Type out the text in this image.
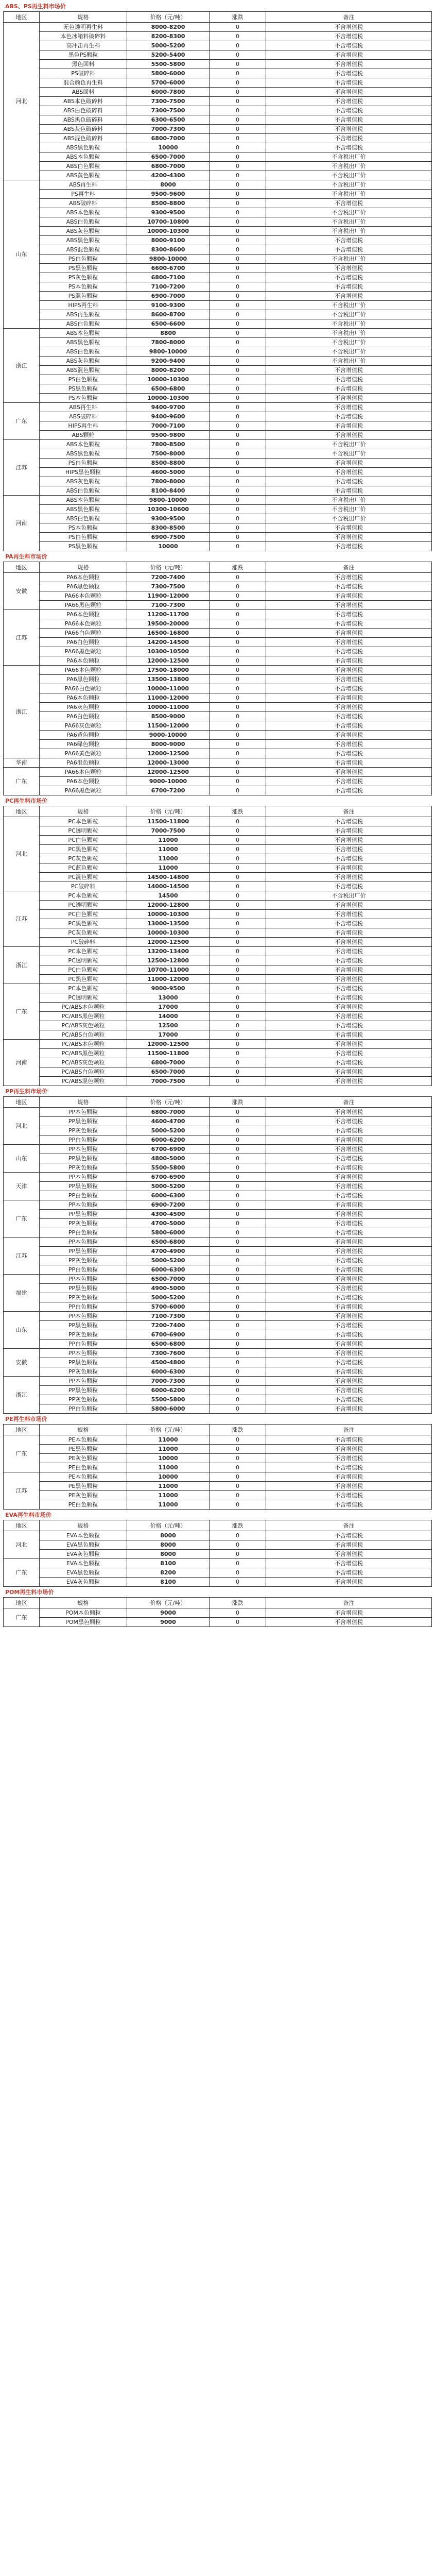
ABS、PS再生料市场价
地区	规格	价格（元/吨）	涨跌	备注
河北	无色透明再生料	8000-8200	0	不含增值税
	本色冰箱料破碎料	8200-8300	0	不含增值税
	高冲击再生料	5000-5200	0	不含增值税
	黑色PS颗粒	5200-5400	0	不含增值税
	黑色回料	5500-5800	0	不含增值税
	PS破碎料	5800-6000	0	不含增值税
	混合颜色再生料	5700-6000	0	不含增值税
	ABS回料	6000-7800	0	不含增值税
	ABS本色破碎料	7300-7500	0	不含增值税
	ABS白色破碎料	7300-7500	0	不含增值税
	ABS黑色破碎料	6300-6500	0	不含增值税
	ABS灰色破碎料	7000-7300	0	不含增值税
	ABS混色破碎料	6800-7000	0	不含增值税
	ABS黑色颗粒	10000	0	不含增值税
	ABS本色颗粒	6500-7000	0	不含税出厂价
	ABS白色颗粒	6800-7000	0	不含税出厂价
	ABS黄色颗粒	4200-4300	0	不含税出厂价
山东	ABS再生料	8000	0	不含税出厂价
	PS再生料	9500-9600	0	不含税出厂价
	ABS破碎料	8500-8800	0	不含增值税
	ABS本色颗粒	9300-9500	0	不含税出厂价
	ABS白色颗粒	10700-10800	0	不含税出厂价
	ABS灰色颗粒	10000-10300	0	不含税出厂价
	ABS黑色颗粒	8000-9100	0	不含增值税
	ABS混色颗粒	8300-8600	0	不含增值税
	PS白色颗粒	9800-10000	0	不含税出厂价
	PS黑色颗粒	6600-6700	0	不含增值税
	PS灰色颗粒	6800-7100	0	不含增值税
	PS本色颗粒	7100-7200	0	不含增值税
	PS混色颗粒	6900-7000	0	不含增值税
	HIPS再生料	9100-9300	0	不含税出厂价
	ABS再生颗粒	8600-8700	0	不含税出厂价
	ABS白色颗粒	6500-6600	0	不含税出厂价
浙江	ABS本色颗粒	8800	0	不含税出厂价
	ABS黑色颗粒	7800-8000	0	不含税出厂价
	ABS白色颗粒	9800-10000	0	不含税出厂价
	ABS灰色颗粒	9200-9400	0	不含税出厂价
	ABS混色颗粒	8000-8200	0	不含增值税
	PS白色颗粒	10000-10300	0	不含增值税
	PS黑色颗粒	6500-6800	0	不含增值税
	PS本色颗粒	10000-10300	0	不含增值税
广东	ABS再生料	9400-9700	0	不含增值税
	ABS破碎料	9400-9600	0	不含增值税
	HIPS再生料	7000-7100	0	不含增值税
	ABS颗粒	9500-9800	0	不含增值税
江苏	ABS本色颗粒	7800-8500	0	不含税出厂价
	ABS黑色颗粒	7500-8000	0	不含税出厂价
	PS白色颗粒	8500-8800	0	不含增值税
	HIPS黑色颗粒	4600-5000	0	不含增值税
	ABS灰色颗粒	7800-8000	0	不含增值税
	ABS白色颗粒	8100-8400	0	不含增值税
河南	ABS本色颗粒	9800-10000	0	不含税出厂价
	ABS黑色颗粒	10300-10600	0	不含税出厂价
	ABS白色颗粒	9300-9500	0	不含税出厂价
	PS本色颗粒	8300-8500	0	不含增值税
	PS白色颗粒	6900-7500	0	不含增值税
	PS黑色颗粒	10000	0	不含增值税
PA再生料市场价
地区	规格	价格（元/吨）	涨跌	备注
安徽	PA6本色颗粒	7200-7400	0	不含增值税
	PA6黑色颗粒	7300-7500	0	不含增值税
	PA66本色颗粒	11900-12000	0	不含增值税
	PA66黑色颗粒	7100-7300	0	不含增值税
江苏	PA6本色颗粒	11200-11700	0	不含增值税
	PA66本色颗粒	19500-20000	0	不含增值税
	PA66白色颗粒	16500-16800	0	不含增值税
	PA6白色颗粒	14200-14500	0	不含增值税
	PA66黑色颗粒	10300-10500	0	不含增值税
	PA6本色颗粒	12000-12500	0	不含增值税
浙江	PA66本色颗粒	17500-18000	0	不含增值税
	PA6黑色颗粒	13500-13800	0	不含增值税
	PA66白色颗粒	10000-11000	0	不含增值税
	PA6本色颗粒	11000-12000	0	不含增值税
	PA6灰色颗粒	10000-11000	0	不含增值税
	PA6白色颗粒	8500-9000	0	不含增值税
	PA66灰色颗粒	11500-12000	0	不含增值税
	PA6黄色颗粒	9000-10000	0	不含增值税
	PA6绿色颗粒	8000-9000	0	不含增值税
	PA66黄色颗粒	12000-12500	0	不含增值税
华南	PA6混色颗粒	12000-13000	0	不含增值税
广东	PA66本色颗粒	12000-12500	0	不含增值税
	PA6本色颗粒	9000-10000	0	不含增值税
	PA66黑色颗粒	6700-7200	0	不含增值税
PC再生料市场价
地区	规格	价格（元/吨）	涨跌	备注
河北	PC本色颗粒	11500-11800	0	不含增值税
	PC透明颗粒	7000-7500	0	不含增值税
	PC白色颗粒	11000	0	不含增值税
	PC黑色颗粒	11000	0	不含增值税
	PC灰色颗粒	11000	0	不含增值税
	PC蓝色颗粒	11000	0	不含增值税
	PC混色颗粒	14500-14800	0	不含增值税
	PC破碎料	14000-14500	0	不含增值税
江苏	PC本色颗粒	14500	0	不含税出厂价
	PC透明颗粒	12000-12800	0	不含增值税
	PC白色颗粒	10000-10300	0	不含增值税
	PC黑色颗粒	13000-13500	0	不含增值税
	PC灰色颗粒	10000-10300	0	不含增值税
	PC破碎料	12000-12500	0	不含增值税
浙江	PC本色颗粒	13200-13400	0	不含增值税
	PC透明颗粒	12500-12800	0	不含增值税
	PC白色颗粒	10700-11000	0	不含增值税
	PC黑色颗粒	11000-12000	0	不含增值税
广东	PC本色颗粒	9000-9500	0	不含增值税
	PC透明颗粒	13000	0	不含增值税
	PC/ABS本色颗粒	17000	0	不含增值税
	PC/ABS黑色颗粒	14000	0	不含增值税
	PC/ABS灰色颗粒	12500	0	不含增值税
	PC/ABS白色颗粒	17000	0	不含增值税
河南	PC/ABS本色颗粒	12000-12500	0	不含增值税
	PC/ABS黑色颗粒	11500-11800	0	不含增值税
	PC/ABS灰色颗粒	6800-7000	0	不含增值税
	PC/ABS白色颗粒	6500-7000	0	不含增值税
	PC/ABS混色颗粒	7000-7500	0	不含增值税
PP再生料市场价
地区	规格	价格（元/吨）	涨跌	备注
河北	PP本色颗粒	6800-7000	0	不含增值税
	PP黑色颗粒	4600-4700	0	不含增值税
	PP灰色颗粒	5000-5200	0	不含增值税
	PP白色颗粒	6000-6200	0	不含增值税
山东	PP本色颗粒	6700-6900	0	不含增值税
	PP黑色颗粒	4800-5000	0	不含增值税
	PP灰色颗粒	5500-5800	0	不含增值税
天津	PP本色颗粒	6700-6900	0	不含增值税
	PP黑色颗粒	5000-5200	0	不含增值税
	PP白色颗粒	6000-6300	0	不含增值税
广东	PP本色颗粒	6900-7200	0	不含增值税
	PP黑色颗粒	4300-4500	0	不含增值税
	PP灰色颗粒	4700-5000	0	不含增值税
	PP白色颗粒	5800-6000	0	不含增值税
江苏	PP本色颗粒	6500-6800	0	不含增值税
	PP黑色颗粒	4700-4900	0	不含增值税
	PP灰色颗粒	5000-5200	0	不含增值税
	PP白色颗粒	6000-6300	0	不含增值税
福建	PP本色颗粒	6500-7000	0	不含增值税
	PP黑色颗粒	4900-5000	0	不含增值税
	PP灰色颗粒	5000-5200	0	不含增值税
	PP白色颗粒	5700-6000	0	不含增值税
山东	PP本色颗粒	7100-7300	0	不含增值税
	PP黑色颗粒	7200-7400	0	不含增值税
	PP灰色颗粒	6700-6900	0	不含增值税
	PP白色颗粒	6500-6800	0	不含增值税
安徽	PP本色颗粒	7300-7600	0	不含增值税
	PP黑色颗粒	4500-4800	0	不含增值税
	PP灰色颗粒	6000-6300	0	不含增值税
浙江	PP本色颗粒	7000-7300	0	不含增值税
	PP黑色颗粒	6000-6200	0	不含增值税
	PP灰色颗粒	5500-5800	0	不含增值税
	PP白色颗粒	5800-6000	0	不含增值税
PE再生料市场价
地区	规格	价格（元/吨）	涨跌	备注
广东	PE本色颗粒	11000	0	不含增值税
	PE黑色颗粒	11000	0	不含增值税
	PE灰色颗粒	10000	0	不含增值税
	PE白色颗粒	11000	0	不含增值税
江苏	PE本色颗粒	10000	0	不含增值税
	PE黑色颗粒	11000	0	不含增值税
	PE灰色颗粒	11000	0	不含增值税
	PE白色颗粒	11000	0	不含增值税
EVA再生料市场价
地区	规格	价格（元/吨）	涨跌	备注
河北	EVA本色颗粒	8000	0	不含增值税
	EVA黑色颗粒	8000	0	不含增值税
	EVA灰色颗粒	8000	0	不含增值税
广东	EVA本色颗粒	8100	0	不含增值税
	EVA黑色颗粒	8200	0	不含增值税
	EVA灰色颗粒	8100	0	不含增值税
POM再生料市场价
地区	规格	价格（元/吨）	涨跌	备注
广东	POM本色颗粒	9000	0	不含增值税
	POM黑色颗粒	9000	0	不含增值税
